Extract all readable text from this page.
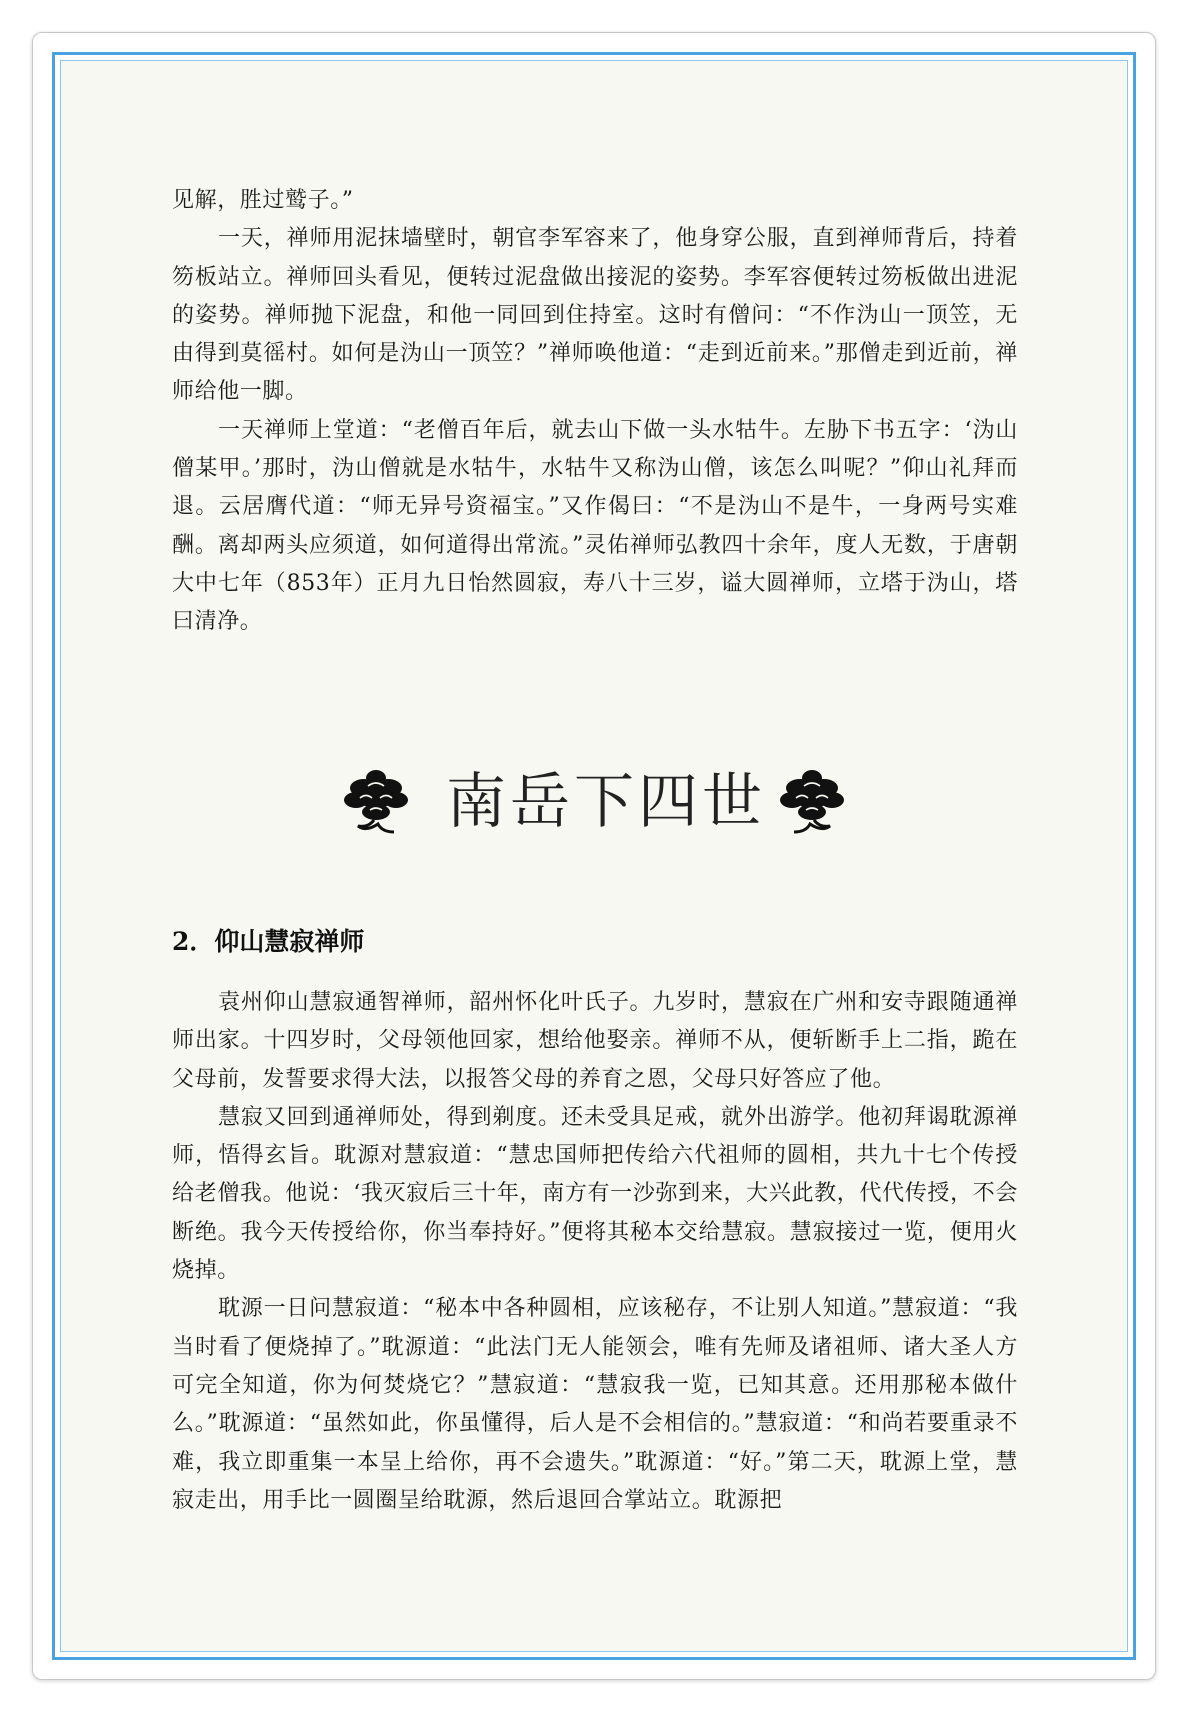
见解，胜过鹫子。”

一天，禅师用泥抹墙壁时，朝官李军容来了，他身穿公服，直到禅师背后，持着笏板站立。禅师回头看见，便转过泥盘做出接泥的姿势。李军容便转过笏板做出进泥的姿势。禅师抛下泥盘，和他一同回到住持室。这时有僧问：“不作沩山一顶笠，无由得到莫徭村。如何是沩山一顶笠？”禅师唤他道：“走到近前来。”那僧走到近前，禅师给他一脚。

一天禅师上堂道：“老僧百年后，就去山下做一头水牯牛。左胁下书五字：‘沩山僧某甲。’那时，沩山僧就是水牯牛，水牯牛又称沩山僧，该怎么叫呢？”仰山礼拜而退。云居膺代道：“师无异号资福宝。”又作偈曰：“不是沩山不是牛，一身两号实难酬。离却两头应须道，如何道得出常流。”灵佑禅师弘教四十余年，度人无数，于唐朝大中七年（853年）正月九日怡然圆寂，寿八十三岁，谥大圆禅师，立塔于沩山，塔曰清净。

南岳下四世
2．仰山慧寂禅师

袁州仰山慧寂通智禅师，韶州怀化叶氏子。九岁时，慧寂在广州和安寺跟随通禅师出家。十四岁时，父母领他回家，想给他娶亲。禅师不从，便斩断手上二指，跪在父母前，发誓要求得大法，以报答父母的养育之恩，父母只好答应了他。

慧寂又回到通禅师处，得到剃度。还未受具足戒，就外出游学。他初拜谒耽源禅师，悟得玄旨。耽源对慧寂道：“慧忠国师把传给六代祖师的圆相，共九十七个传授给老僧我。他说：‘我灭寂后三十年，南方有一沙弥到来，大兴此教，代代传授，不会断绝。我今天传授给你，你当奉持好。”便将其秘本交给慧寂。慧寂接过一览，便用火烧掉。

耽源一日问慧寂道：“秘本中各种圆相，应该秘存，不让别人知道。”慧寂道：“我当时看了便烧掉了。”耽源道：“此法门无人能领会，唯有先师及诸祖师、诸大圣人方可完全知道，你为何焚烧它？”慧寂道：“慧寂我一览，已知其意。还用那秘本做什么。”耽源道：“虽然如此，你虽懂得，后人是不会相信的。”慧寂道：“和尚若要重录不难，我立即重集一本呈上给你，再不会遗失。”耽源道：“好。”第二天，耽源上堂，慧寂走出，用手比一圆圈呈给耽源，然后退回合掌站立。耽源把
